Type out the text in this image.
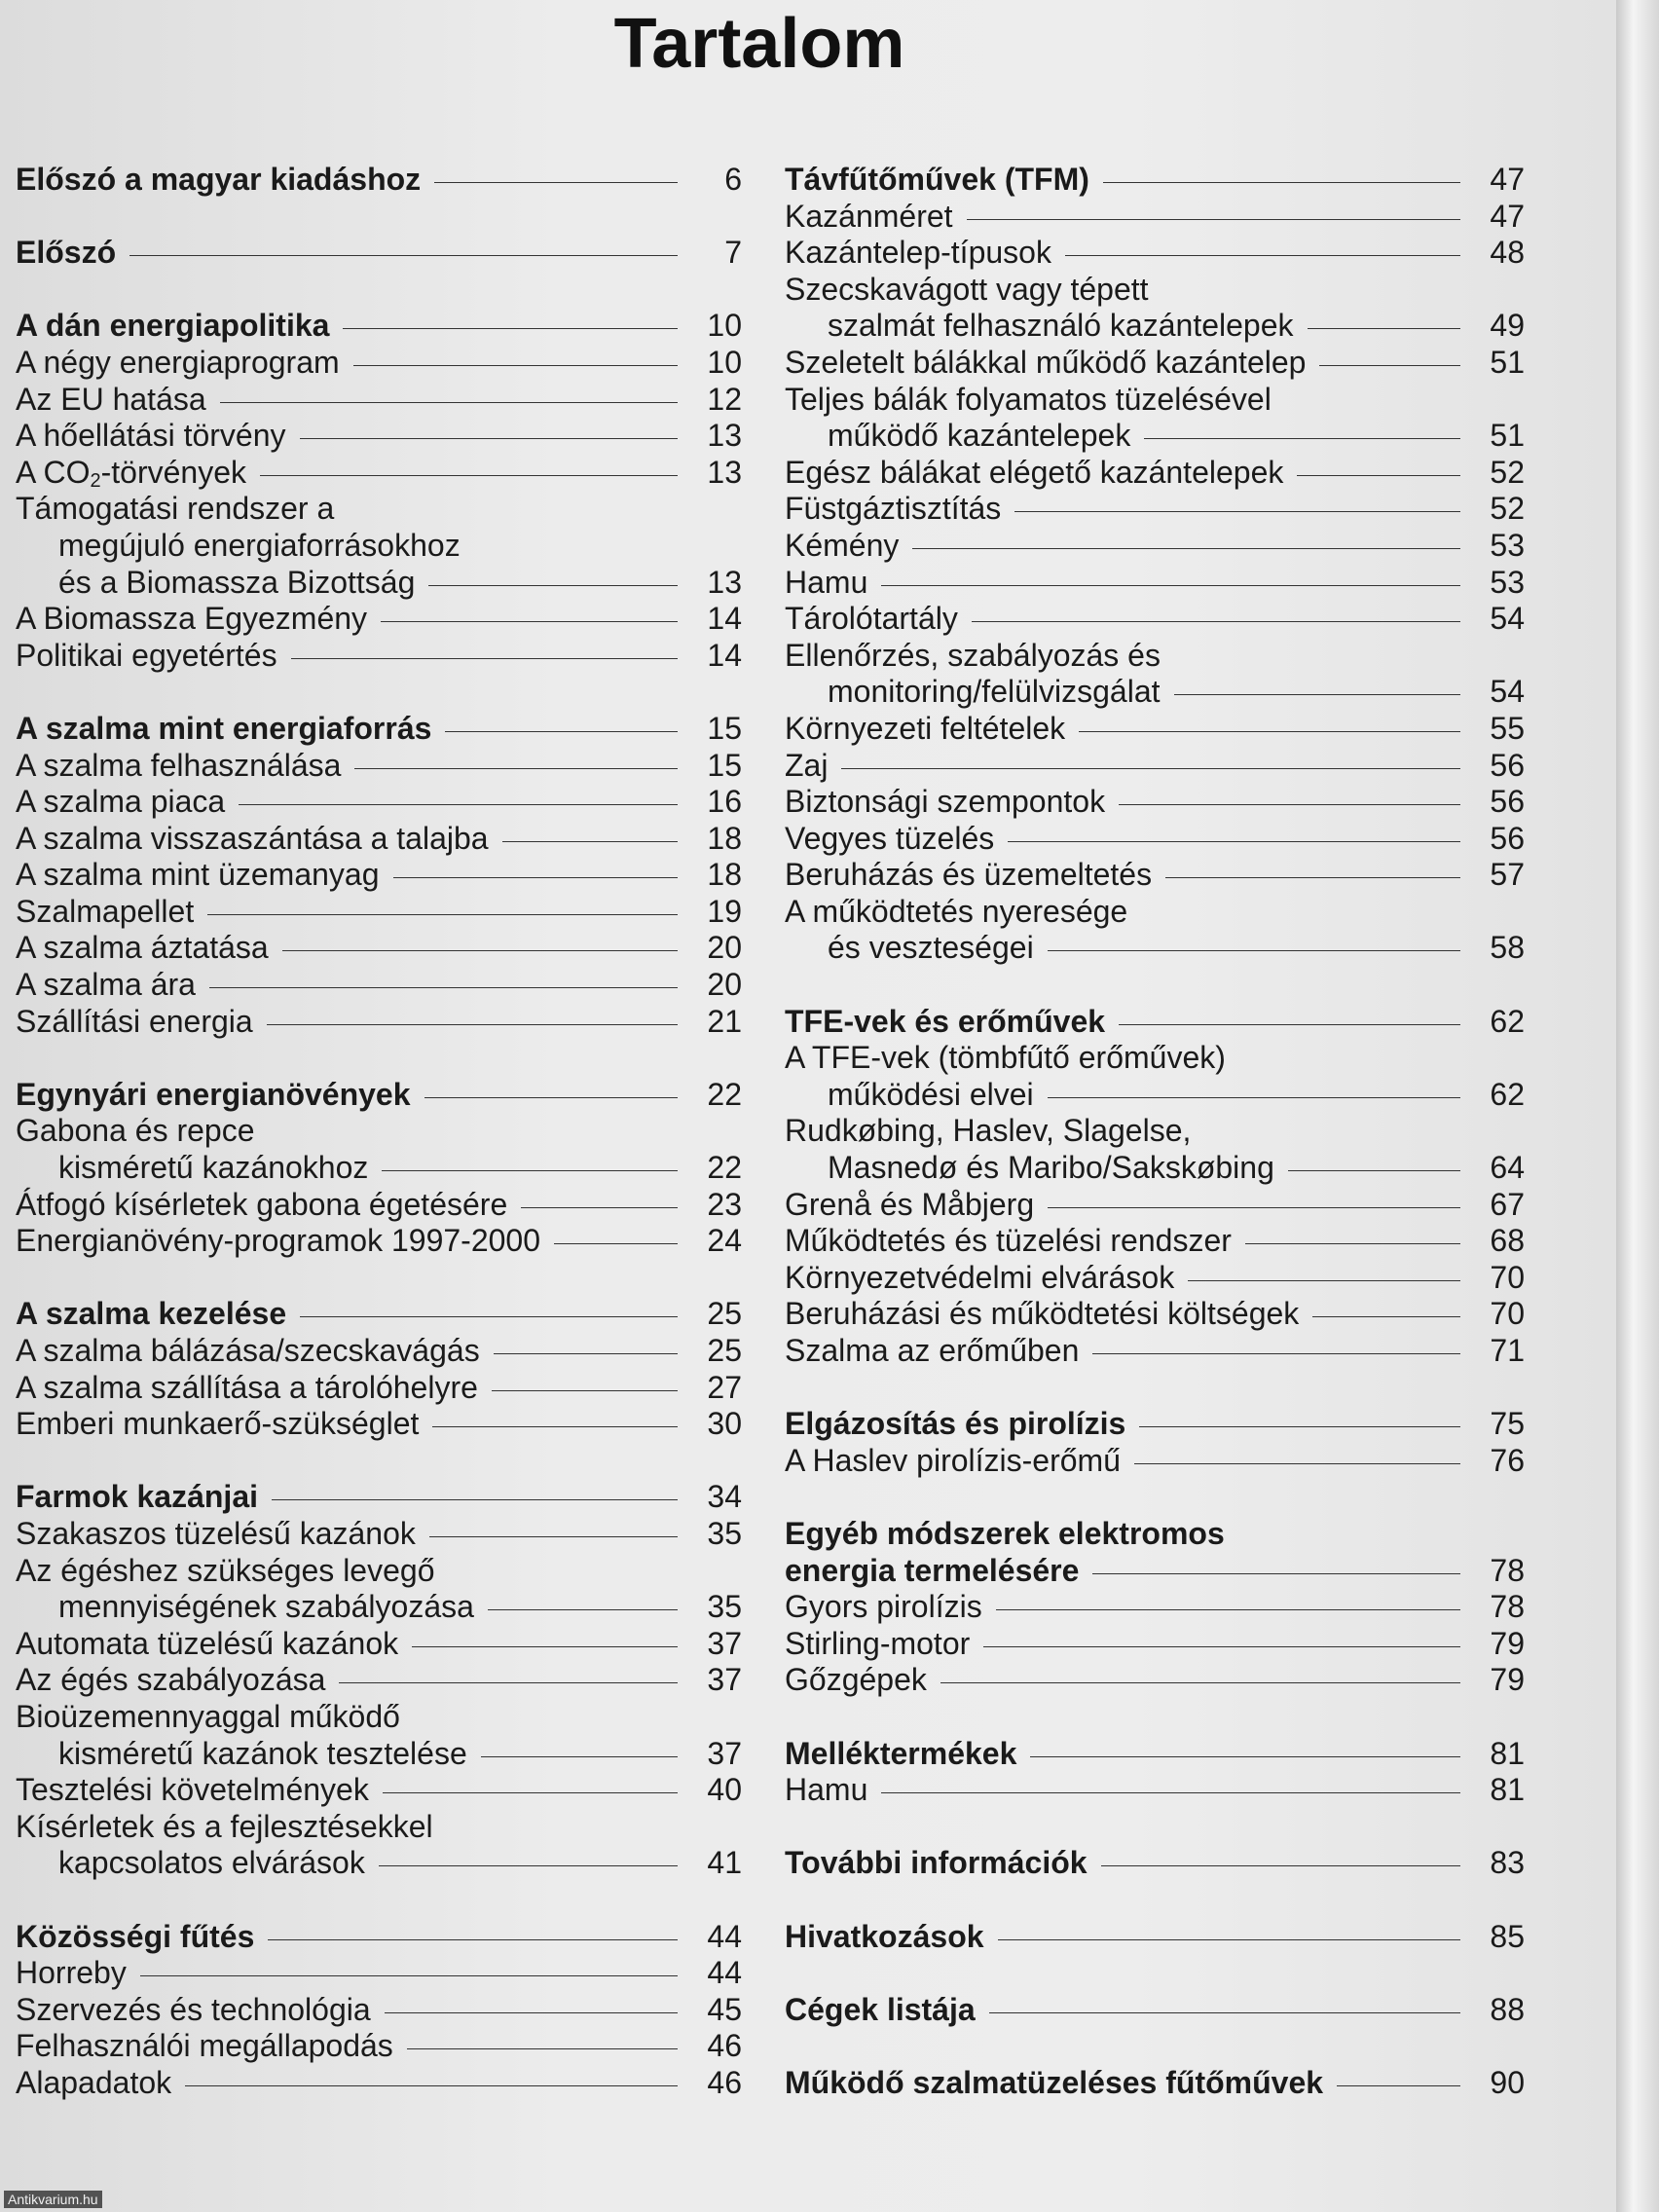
Tartalom
Előszó a magyar kiadáshoz	6
Előszó	7
A dán energiapolitika	10
A négy energiaprogram	10
Az EU hatása	12
A hőellátási törvény	13
A $CO_2$-törvények	13
Támogatási rendszer a
megújuló energiaforrásokhoz
és a Biomassza Bizottság	13
A Biomassza Egyezmény	14
Politikai egyetértés	14
A szalma mint energiaforrás	15
A szalma felhasználása	15
A szalma piaca	16
A szalma visszaszántása a talajba	18
A szalma mint üzemanyag	18
Szalmapellet	19
A szalma áztatása	20
A szalma ára	20
Szállítási energia	21
Egynyári energianövények	22
Gabona és repce
kisméretű kazánokhoz	22
Átfogó kísérletek gabona égetésére	23
Energianövény-programok 1997-2000	24
A szalma kezelése	25
A szalma bálázása/szecskavágás	25
A szalma szállítása a tárolóhelyre	27
Emberi munkaerő-szükséglet	30
Farmok kazánjai	34
Szakaszos tüzelésű kazánok	35
Az égéshez szükséges levegő
mennyiségének szabályozása	35
Automata tüzelésű kazánok	37
Az égés szabályozása	37
Bioüzemennyaggal működő
kisméretű kazánok tesztelése	37
Tesztelési követelmények	40
Kísérletek és a fejlesztésekkel
kapcsolatos elvárások	41
Közösségi fűtés	44
Horreby	44
Szervezés és technológia	45
Felhasználói megállapodás	46
Alapadatok	46
Távfűtőművek (TFM)	47
Kazánméret	47
Kazántelep-típusok	48
Szecskavágott vagy tépett
szalmát felhasználó kazántelepek	49
Szeletelt bálákkal működő kazántelep	51
Teljes bálák folyamatos tüzelésével
működő kazántelepek	51
Egész bálákat elégető kazántelepek	52
Füstgáztisztítás	52
Kémény	53
Hamu	53
Tárolótartály	54
Ellenőrzés, szabályozás és
monitoring/felülvizsgálat	54
Környezeti feltételek	55
Zaj	56
Biztonsági szempontok	56
Vegyes tüzelés	56
Beruházás és üzemeltetés	57
A működtetés nyeresége
és veszteségei	58
TFE-vek és erőművek	62
A TFE-vek (tömbfűtő erőművek)
működési elvei	62
Rudkøbing, Haslev, Slagelse,
Masnedø és Maribo/Sakskøbing	64
Grenå és Måbjerg	67
Működtetés és tüzelési rendszer	68
Környezetvédelmi elvárások	70
Beruházási és működtetési költségek	70
Szalma az erőműben	71
Elgázosítás és pirolízis	75
A Haslev pirolízis-erőmű	76
Egyéb módszerek elektromos
energia termelésére	78
Gyors pirolízis	78
Stirling-motor	79
Gőzgépek	79
Melléktermékek	81
Hamu	81
További információk	83
Hivatkozások	85
Cégek listája	88
Működő szalmatüzeléses fűtőművek	90
Antikvarium.hu
